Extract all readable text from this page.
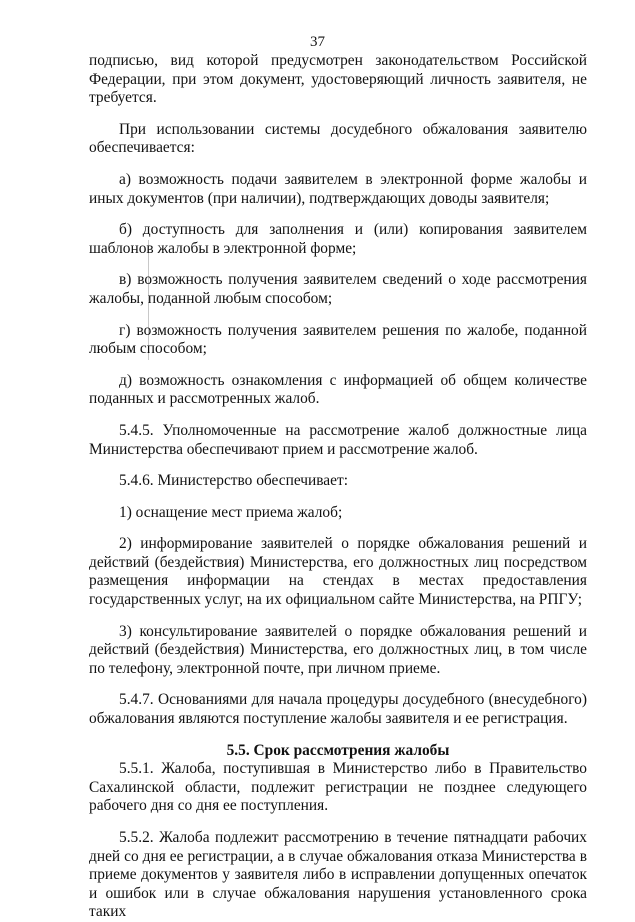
37

подписью, вид которой предусмотрен законодательством Российской Федерации, при этом документ, удостоверяющий личность заявителя, не требуется.

При использовании системы досудебного обжалования заявителю обеспечивается:

а) возможность подачи заявителем в электронной форме жалобы и иных документов (при наличии), подтверждающих доводы заявителя;

б) доступность для заполнения и (или) копирования заявителем шаблонов жалобы в электронной форме;

в) возможность получения заявителем сведений о ходе рассмотрения жалобы, поданной любым способом;

г) возможность получения заявителем решения по жалобе, поданной любым способом;

д) возможность ознакомления с информацией об общем количестве поданных и рассмотренных жалоб.

5.4.5. Уполномоченные на рассмотрение жалоб должностные лица Министерства обеспечивают прием и рассмотрение жалоб.

5.4.6. Министерство обеспечивает:

1) оснащение мест приема жалоб;

2) информирование заявителей о порядке обжалования решений и действий (бездействия) Министерства, его должностных лиц посредством размещения информации на стендах в местах предоставления государственных услуг, на их официальном сайте Министерства, на РПГУ;

3) консультирование заявителей о порядке обжалования решений и действий (бездействия) Министерства, его должностных лиц, в том числе по телефону, электронной почте, при личном приеме.

5.4.7. Основаниями для начала процедуры досудебного (внесудебного) обжалования являются поступление жалобы заявителя и ее регистрация.

5.5. Срок рассмотрения жалобы

5.5.1. Жалоба, поступившая в Министерство либо в Правительство Сахалинской области, подлежит регистрации не позднее следующего рабочего дня со дня ее поступления.

5.5.2. Жалоба подлежит рассмотрению в течение пятнадцати рабочих дней со дня ее регистрации, а в случае обжалования отказа Министерства в приеме документов у заявителя либо в исправлении допущенных опечаток и ошибок или в случае обжалования нарушения установленного срока таких
